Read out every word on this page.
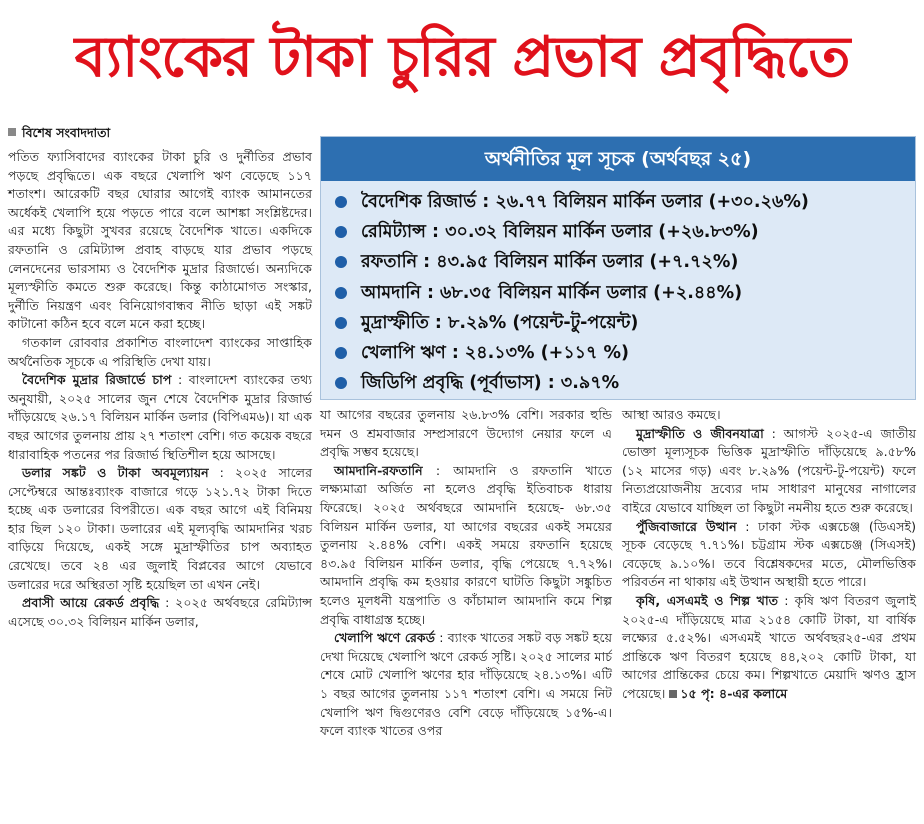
ব্যাংকের টাকা চুরির প্রভাব প্রবৃদ্ধিতে
বিশেষ সংবাদদাতা

পতিত ফ্যাসিবাদের ব্যাংকের টাকা চুরি ও দুর্নীতির প্রভাব পড়ছে প্রবৃদ্ধিতে। এক বছরে খেলাপি ঋণ বেড়েছে ১১৭ শতাংশ। আরেকটি বছর ঘোরার আগেই ব্যাংক আমানতের অর্ধেকই খেলাপি হয়ে পড়তে পারে বলে আশঙ্কা সংশ্লিষ্টদের। এর মধ্যে কিছুটা সুখবর রয়েছে বৈদেশিক খাতে। একদিকে রফতানি ও রেমিট্যান্স প্রবাহ বাড়ছে যার প্রভাব পড়ছে লেনদেনের ভারসাম্য ও বৈদেশিক মুদ্রার রিজার্ভে। অন্যদিকে মূল্যস্ফীতি কমতে শুরু করেছে। কিন্তু কাঠামোগত সংস্কার, দুর্নীতি নিয়ন্ত্রণ এবং বিনিয়োগবান্ধব নীতি ছাড়া এই সঙ্কট কাটানো কঠিন হবে বলে মনে করা হচ্ছে।

গতকাল রোববার প্রকাশিত বাংলাদেশ ব্যাংকের সাপ্তাহিক অর্থনৈতিক সূচকে এ পরিস্থিতি দেখা যায়।

বৈদেশিক মুদ্রার রিজার্ভে চাপ : বাংলাদেশ ব্যাংকের তথ্য অনুযায়ী, ২০২৫ সালের জুন শেষে বৈদেশিক মুদ্রার রিজার্ভ দাঁড়িয়েছে ২৬.১৭ বিলিয়ন মার্কিন ডলার (বিপিএম৬)। যা এক বছর আগের তুলনায় প্রায় ২৭ শতাংশ বেশি। গত কয়েক বছরে ধারাবাহিক পতনের পর রিজার্ভ স্থিতিশীল হয়ে আসছে।

ডলার সঙ্কট ও টাকা অবমূল্যায়ন : ২০২৫ সালের সেপ্টেম্বরে আন্তঃব্যাংক বাজারে গড়ে ১২১.৭২ টাকা দিতে হচ্ছে এক ডলারের বিপরীতে। এক বছর আগে এই বিনিময় হার ছিল ১২০ টাকা। ডলারের এই মূল্যবৃদ্ধি আমদানির খরচ বাড়িয়ে দিয়েছে, একই সঙ্গে মুদ্রাস্ফীতির চাপ অব্যাহত রেখেছে। তবে ২৪ এর জুলাই বিপ্লবের আগে যেভাবে ডলারের দরে অস্থিরতা সৃষ্টি হয়েছিল তা এখন নেই।

প্রবাসী আয়ে রেকর্ড প্রবৃদ্ধি : ২০২৫ অর্থবছরে রেমিট্যান্স এসেছে ৩০.৩২ বিলিয়ন মার্কিন ডলার,

অর্থনীতির মূল সূচক (অর্থবছর ২৫)
বৈদেশিক রিজার্ভ : ২৬.৭৭ বিলিয়ন মার্কিন ডলার (+৩০.২৬%)
রেমিট্যান্স : ৩০.৩২ বিলিয়ন মার্কিন ডলার (+২৬.৮৩%)
রফতানি : ৪৩.৯৫ বিলিয়ন মার্কিন ডলার (+৭.৭২%)
আমদানি : ৬৮.৩৫ বিলিয়ন মার্কিন ডলার (+২.৪৪%)
মুদ্রাস্ফীতি : ৮.২৯% (পয়েন্ট-টু-পয়েন্ট)
খেলাপি ঋণ : ২৪.১৩% (+১১৭ %)
জিডিপি প্রবৃদ্ধি (পূর্বাভাস) : ৩.৯৭%

যা আগের বছরের তুলনায় ২৬.৮৩% বেশি। সরকার হুন্ডি দমন ও শ্রমবাজার সম্প্রসারণে উদ্যোগ নেয়ার ফলে এ প্রবৃদ্ধি সম্ভব হয়েছে।

আমদানি-রফতানি : আমদানি ও রফতানি খাতে লক্ষ্যমাত্রা অর্জিত না হলেও প্রবৃদ্ধি ইতিবাচক ধারায় ফিরেছে। ২০২৫ অর্থবছরে আমদানি হয়েছে- ৬৮.৩৫ বিলিয়ন মার্কিন ডলার, যা আগের বছরের একই সময়ের তুলনায় ২.৪৪% বেশি। একই সময়ে রফতানি হয়েছে ৪৩.৯৫ বিলিয়ন মার্কিন ডলার, বৃদ্ধি পেয়েছে ৭.৭২%। আমদানি প্রবৃদ্ধি কম হওয়ার কারণে ঘাটতি কিছুটা সঙ্কুচিত হলেও মূলধনী যন্ত্রপাতি ও কাঁচামাল আমদানি কমে শিল্প প্রবৃদ্ধি বাধাগ্রস্ত হচ্ছে।

খেলাপি ঋণে রেকর্ড : ব্যাংক খাতের সঙ্কট বড় সঙ্কট হয়ে দেখা দিয়েছে খেলাপি ঋণে রেকর্ড সৃষ্টি। ২০২৫ সালের মার্চ শেষে মোট খেলাপি ঋণের হার দাঁড়িয়েছে ২৪.১৩%। এটি ১ বছর আগের তুলনায় ১১৭ শতাংশ বেশি। এ সময়ে নিট খেলাপি ঋণ দ্বিগুণেরও বেশি বেড়ে দাঁড়িয়েছে ১৫%-এ। ফলে ব্যাংক খাতের ওপর

আস্থা আরও কমছে।

মুদ্রাস্ফীতি ও জীবনযাত্রা : আগস্ট ২০২৫-এ জাতীয় ভোক্তা মূল্যসূচক ভিত্তিক মুদ্রাস্ফীতি দাঁড়িয়েছে ৯.৫৮% (১২ মাসের গড়) এবং ৮.২৯% (পয়েন্ট-টু-পয়েন্ট) ফলে নিত্যপ্রয়োজনীয় দ্রব্যের দাম সাধারণ মানুষের নাগালের বাইরে যেভাবে যাচ্ছিল তা কিছুটা নমনীয় হতে শুরু করেছে।

পুঁজিবাজারে উত্থান : ঢাকা স্টক এক্সচেঞ্জ (ডিএসই) সূচক বেড়েছে ৭.৭১%। চট্টগ্রাম স্টক এক্সচেঞ্জ (সিএসই) বেড়েছে ৯.১০%। তবে বিশ্লেষকদের মতে, মৌলভিত্তিক পরিবর্তন না থাকায় এই উত্থান অস্থায়ী হতে পারে।

কৃষি, এসএমই ও শিল্প খাত : কৃষি ঋণ বিতরণ জুলাই ২০২৫-এ দাঁড়িয়েছে মাত্র ২১৫৪ কোটি টাকা, যা বার্ষিক লক্ষ্যের ৫.৫২%। এসএমই খাতে অর্থবছর২৫-এর প্রথম প্রান্তিকে ঋণ বিতরণ হয়েছে ৪৪,২০২ কোটি টাকা, যা আগের প্রান্তিকের চেয়ে কম। শিল্পখাতে মেয়াদি ঋণও হ্রাস পেয়েছে। ১৫ পৃ: ৪-এর কলামে
